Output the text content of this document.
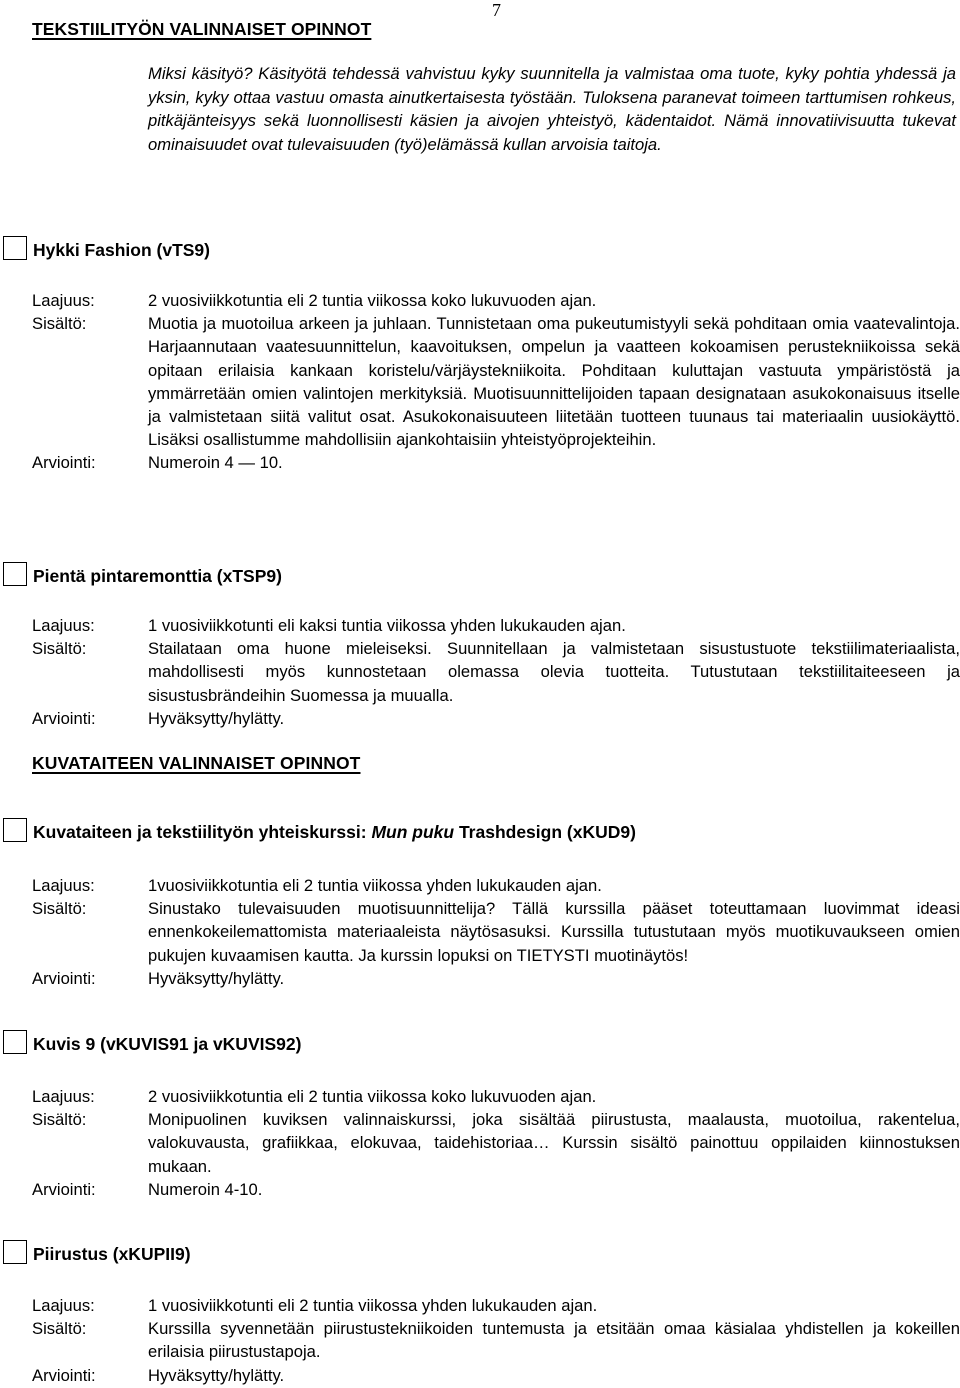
7
TEKSTIILITYÖN VALINNAISET OPINNOT
Miksi käsityö? Käsityötä tehdessä vahvistuu kyky suunnitella ja valmistaa oma tuote, kyky pohtia yhdessä ja yksin, kyky ottaa vastuu omasta ainutkertaisesta työstään. Tuloksena paranevat toimeen tarttumisen rohkeus, pitkäjänteisyys sekä luonnollisesti käsien ja aivojen yhteistyö, kädentaidot. Nämä innovatiivisuutta tukevat ominaisuudet ovat tulevaisuuden (työ)elämässä kullan arvoisia taitoja.
Hykki Fashion (vTS9)
Laajuus:	2 vuosiviikkotuntia eli 2 tuntia viikossa koko lukuvuoden ajan.
Sisältö:	Muotia ja muotoilua arkeen ja juhlaan. Tunnistetaan oma pukeutumistyyli sekä pohditaan omia vaatevalintoja. Harjaannutaan vaatesuunnittelun, kaavoituksen, ompelun ja vaatteen kokoamisen perustekniikoissa sekä opitaan erilaisia kankaan koristelu/värjäystekniikoita. Pohditaan kuluttajan vastuuta ympäristöstä ja ymmärretään omien valintojen merkityksiä. Muotisuunnittelijoiden tapaan designataan asukokonaisuus itselle ja valmistetaan siitä valitut osat. Asukokonaisuuteen liitetään tuotteen tuunaus tai materiaalin uusiokäyttö. Lisäksi osallistumme mahdollisiin ajankohtaisiin yhteistyöprojekteihin.
Arviointi:	Numeroin 4 — 10.
Pientä pintaremonttia (xTSP9)
Laajuus:	1 vuosiviikkotunti eli kaksi tuntia viikossa yhden lukukauden ajan.
Sisältö:	Stailataan oma huone mieleiseksi. Suunnitellaan ja valmistetaan sisustustuote tekstiilimateriaalista, mahdollisesti myös kunnostetaan olemassa olevia tuotteita. Tutustutaan tekstiilitaiteeseen ja sisustusbrändeihin Suomessa ja muualla.
Arviointi:	Hyväksytty/hylätty.
KUVATAITEEN VALINNAISET OPINNOT
Kuvataiteen ja tekstiilityön yhteiskurssi: Mun puku Trashdesign (xKUD9)
Laajuus:	1vuosiviikkotuntia eli 2 tuntia viikossa yhden lukukauden ajan.
Sisältö:	Sinustako tulevaisuuden muotisuunnittelija? Tällä kurssilla pääset toteuttamaan luovimmat ideasi ennenkokeilemattomista materiaaleista näytösasuksi. Kurssilla tutustutaan myös muotikuvaukseen omien pukujen kuvaamisen kautta. Ja kurssin lopuksi on TIETYSTI muotinäytös!
Arviointi:	Hyväksytty/hylätty.
Kuvis 9 (vKUVIS91 ja vKUVIS92)
Laajuus:	2 vuosiviikkotuntia eli 2 tuntia viikossa koko lukuvuoden ajan.
Sisältö:	Monipuolinen kuviksen valinnaiskurssi, joka sisältää piirustusta, maalausta, muotoilua, rakentelua, valokuvausta, grafiikkaa, elokuvaa, taidehistoriaa… Kurssin sisältö painottuu oppilaiden kiinnostuksen mukaan.
Arviointi:	Numeroin 4-10.
Piirustus (xKUPII9)
Laajuus:	1 vuosiviikkotunti eli 2 tuntia viikossa yhden lukukauden ajan.
Sisältö:	Kurssilla syvennetään piirustustekniikoiden tuntemusta ja etsitään omaa käsialaa yhdistellen ja kokeillen erilaisia piirustustapoja.
Arviointi:	Hyväksytty/hylätty.
